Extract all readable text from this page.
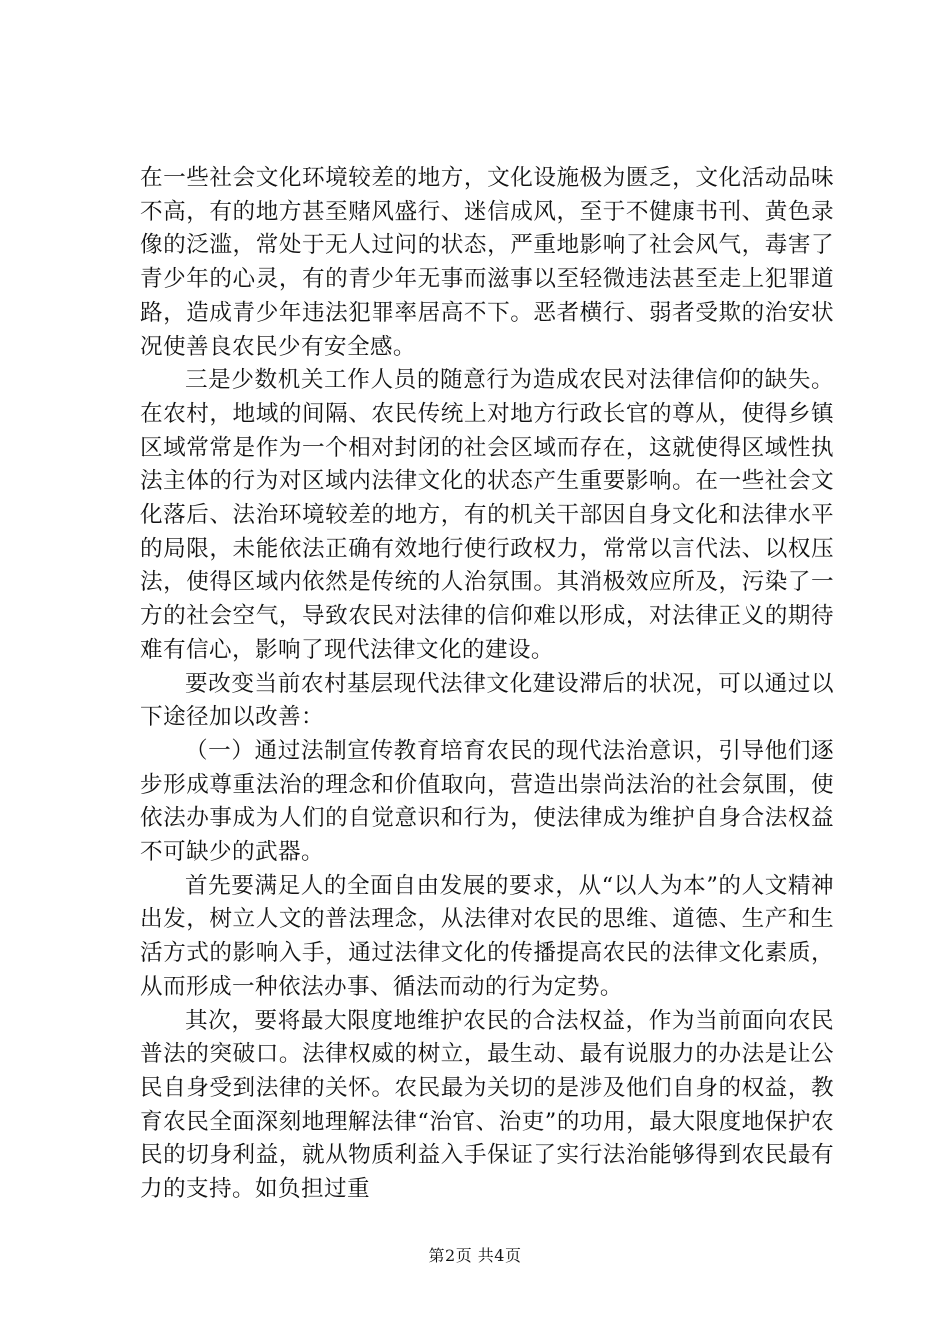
在一些社会文化环境较差的地方，文化设施极为匮乏，文化活动品味不高，有的地方甚至赌风盛行、迷信成风，至于不健康书刊、黄色录像的泛滥，常处于无人过问的状态，严重地影响了社会风气，毒害了青少年的心灵，有的青少年无事而滋事以至轻微违法甚至走上犯罪道路，造成青少年违法犯罪率居高不下。恶者横行、弱者受欺的治安状况使善良农民少有安全感。

三是少数机关工作人员的随意行为造成农民对法律信仰的缺失。在农村，地域的间隔、农民传统上对地方行政长官的尊从，使得乡镇区域常常是作为一个相对封闭的社会区域而存在，这就使得区域性执法主体的行为对区域内法律文化的状态产生重要影响。在一些社会文化落后、法治环境较差的地方，有的机关干部因自身文化和法律水平的局限，未能依法正确有效地行使行政权力，常常以言代法、以权压法，使得区域内依然是传统的人治氛围。其消极效应所及，污染了一方的社会空气，导致农民对法律的信仰难以形成，对法律正义的期待难有信心，影响了现代法律文化的建设。

要改变当前农村基层现代法律文化建设滞后的状况，可以通过以下途径加以改善：

（一）通过法制宣传教育培育农民的现代法治意识，引导他们逐步形成尊重法治的理念和价值取向，营造出崇尚法治的社会氛围，使依法办事成为人们的自觉意识和行为，使法律成为维护自身合法权益不可缺少的武器。

首先要满足人的全面自由发展的要求，从“以人为本”的人文精神出发，树立人文的普法理念，从法律对农民的思维、道德、生产和生活方式的影响入手，通过法律文化的传播提高农民的法律文化素质，从而形成一种依法办事、循法而动的行为定势。

其次，要将最大限度地维护农民的合法权益，作为当前面向农民普法的突破口。法律权威的树立，最生动、最有说服力的办法是让公民自身受到法律的关怀。农民最为关切的是涉及他们自身的权益，教育农民全面深刻地理解法律“治官、治吏”的功用，最大限度地保护农民的切身利益，就从物质利益入手保证了实行法治能够得到农民最有力的支持。如负担过重

第2页 共4页
